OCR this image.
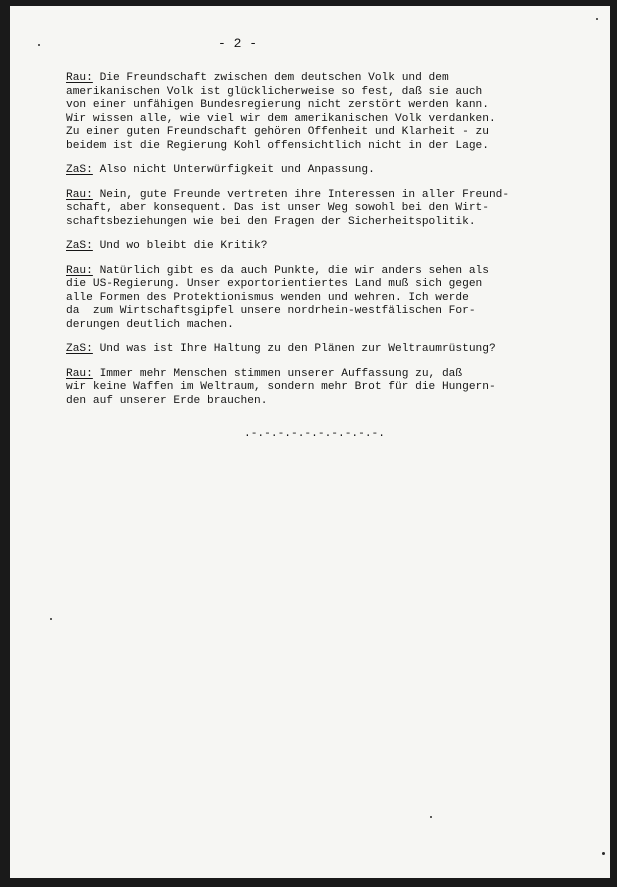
- 2 -

Rau: Die Freundschaft zwischen dem deutschen Volk und dem
amerikanischen Volk ist glücklicherweise so fest, daß sie auch
von einer unfähigen Bundesregierung nicht zerstört werden kann.
Wir wissen alle, wie viel wir dem amerikanischen Volk verdanken.
Zu einer guten Freundschaft gehören Offenheit und Klarheit - zu
beidem ist die Regierung Kohl offensichtlich nicht in der Lage.

ZaS: Also nicht Unterwürfigkeit und Anpassung.

Rau: Nein, gute Freunde vertreten ihre Interessen in aller Freund-
schaft, aber konsequent. Das ist unser Weg sowohl bei den Wirt-
schaftsbeziehungen wie bei den Fragen der Sicherheitspolitik.

ZaS: Und wo bleibt die Kritik?

Rau: Natürlich gibt es da auch Punkte, die wir anders sehen als
die US-Regierung. Unser exportorientiertes Land muß sich gegen
alle Formen des Protektionismus wenden und wehren. Ich werde
da  zum Wirtschaftsgipfel unsere nordrhein-westfälischen For-
derungen deutlich machen.

ZaS: Und was ist Ihre Haltung zu den Plänen zur Weltraumrüstung?

Rau: Immer mehr Menschen stimmen unserer Auffassung zu, daß
wir keine Waffen im Weltraum, sondern mehr Brot für die Hungern-
den auf unserer Erde brauchen.

.-.-.-.-.-.-.-.-.-.-.
